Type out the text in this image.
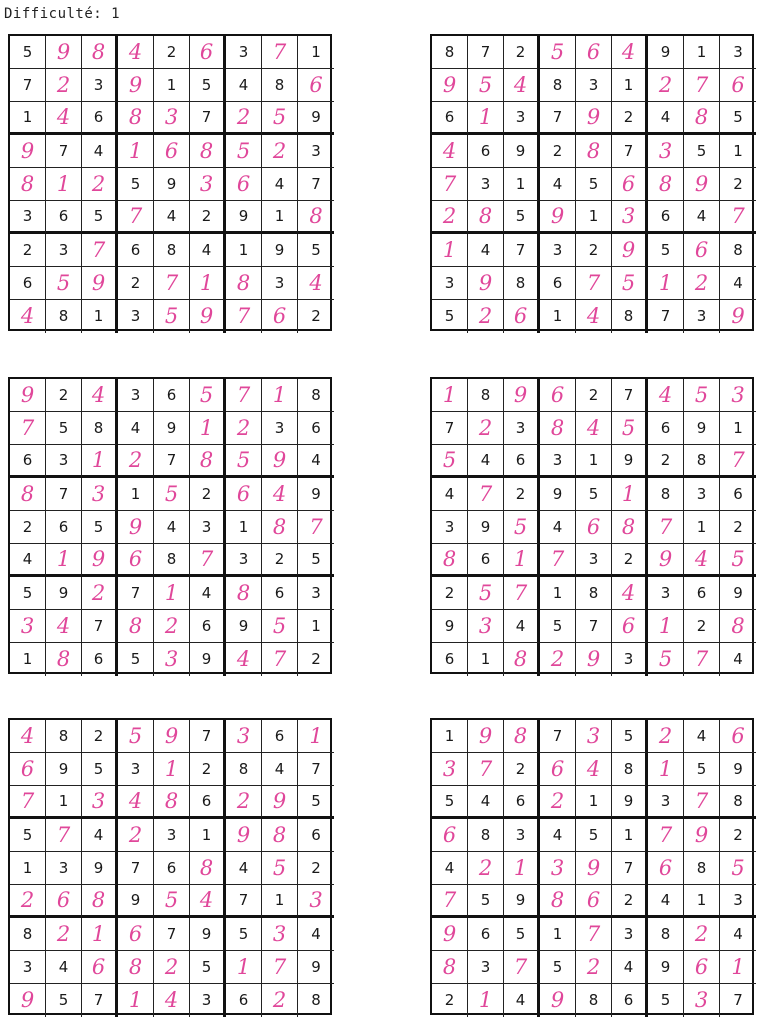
Difficulté: 1
5	9	8	4	2	6	3	7	1
7	2	3	9	1	5	4	8	6
1	4	6	8	3	7	2	5	9
9	7	4	1	6	8	5	2	3
8	1	2	5	9	3	6	4	7
3	6	5	7	4	2	9	1	8
2	3	7	6	8	4	1	9	5
6	5	9	2	7	1	8	3	4
4	8	1	3	5	9	7	6	2
8	7	2	5	6	4	9	1	3
9	5	4	8	3	1	2	7	6
6	1	3	7	9	2	4	8	5
4	6	9	2	8	7	3	5	1
7	3	1	4	5	6	8	9	2
2	8	5	9	1	3	6	4	7
1	4	7	3	2	9	5	6	8
3	9	8	6	7	5	1	2	4
5	2	6	1	4	8	7	3	9
9	2	4	3	6	5	7	1	8
7	5	8	4	9	1	2	3	6
6	3	1	2	7	8	5	9	4
8	7	3	1	5	2	6	4	9
2	6	5	9	4	3	1	8	7
4	1	9	6	8	7	3	2	5
5	9	2	7	1	4	8	6	3
3	4	7	8	2	6	9	5	1
1	8	6	5	3	9	4	7	2
1	8	9	6	2	7	4	5	3
7	2	3	8	4	5	6	9	1
5	4	6	3	1	9	2	8	7
4	7	2	9	5	1	8	3	6
3	9	5	4	6	8	7	1	2
8	6	1	7	3	2	9	4	5
2	5	7	1	8	4	3	6	9
9	3	4	5	7	6	1	2	8
6	1	8	2	9	3	5	7	4
4	8	2	5	9	7	3	6	1
6	9	5	3	1	2	8	4	7
7	1	3	4	8	6	2	9	5
5	7	4	2	3	1	9	8	6
1	3	9	7	6	8	4	5	2
2	6	8	9	5	4	7	1	3
8	2	1	6	7	9	5	3	4
3	4	6	8	2	5	1	7	9
9	5	7	1	4	3	6	2	8
1	9	8	7	3	5	2	4	6
3	7	2	6	4	8	1	5	9
5	4	6	2	1	9	3	7	8
6	8	3	4	5	1	7	9	2
4	2	1	3	9	7	6	8	5
7	5	9	8	6	2	4	1	3
9	6	5	1	7	3	8	2	4
8	3	7	5	2	4	9	6	1
2	1	4	9	8	6	5	3	7
